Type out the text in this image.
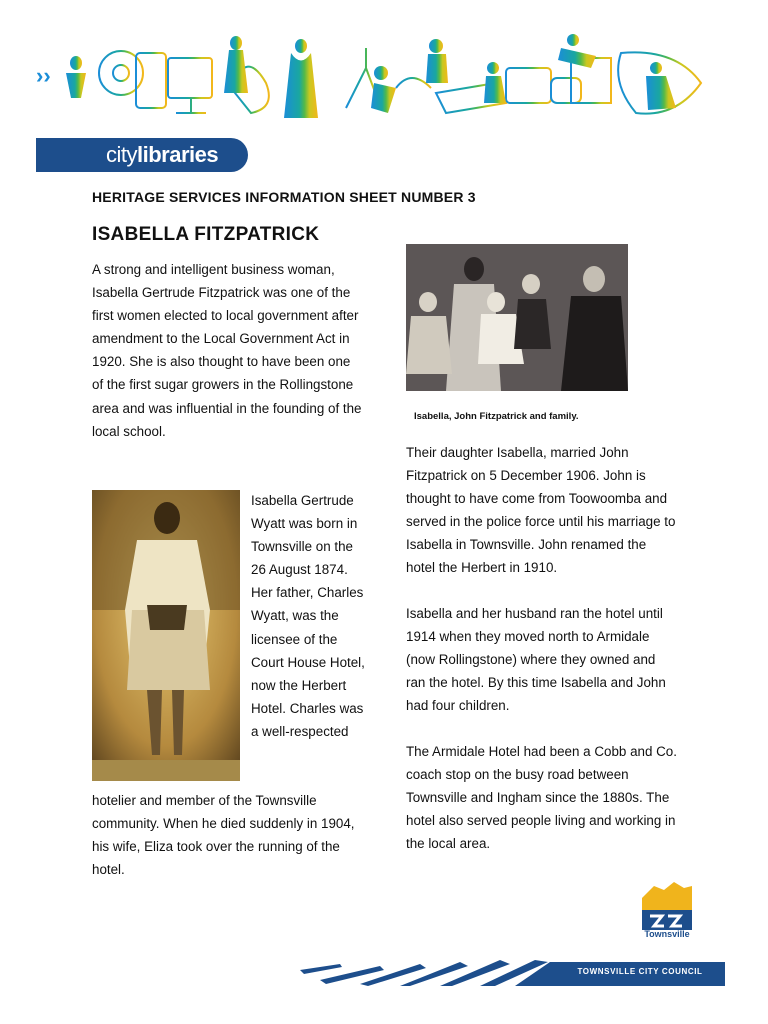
››
citylibraries
HERITAGE SERVICES INFORMATION SHEET NUMBER 3
ISABELLA FITZPATRICK

A strong and intelligent business woman, Isabella Gertrude Fitzpatrick was one of the first women elected to local government after amendment to the Local Government Act in 1920. She is also thought to have been one of the first sugar growers in the Rollingstone area and was influential in the founding of the local school.

Isabella Gertrude Wyatt was born in Townsville on the 26 August 1874. Her father, Charles Wyatt, was the licensee of the Court House Hotel, now the Herbert Hotel. Charles was a well-respected

hotelier and member of the Townsville community. When he died suddenly in 1904, his wife, Eliza took over the running of the hotel.

Isabella, John Fitzpatrick and family.

Their daughter Isabella, married John Fitzpatrick on 5 December 1906. John is thought to have come from Toowoomba and served in the police force until his marriage to Isabella in Townsville. John renamed the hotel the Herbert in 1910.

Isabella and her husband ran the hotel until 1914 when they moved north to Armidale (now Rollingstone) where they owned and ran the hotel. By this time Isabella and John had four children.

The Armidale Hotel had been a Cobb and Co. coach stop on the busy road between Townsville and Ingham since the 1880s. The hotel also served people living and working in the local area.

Townsville
TOWNSVILLE CITY COUNCIL
